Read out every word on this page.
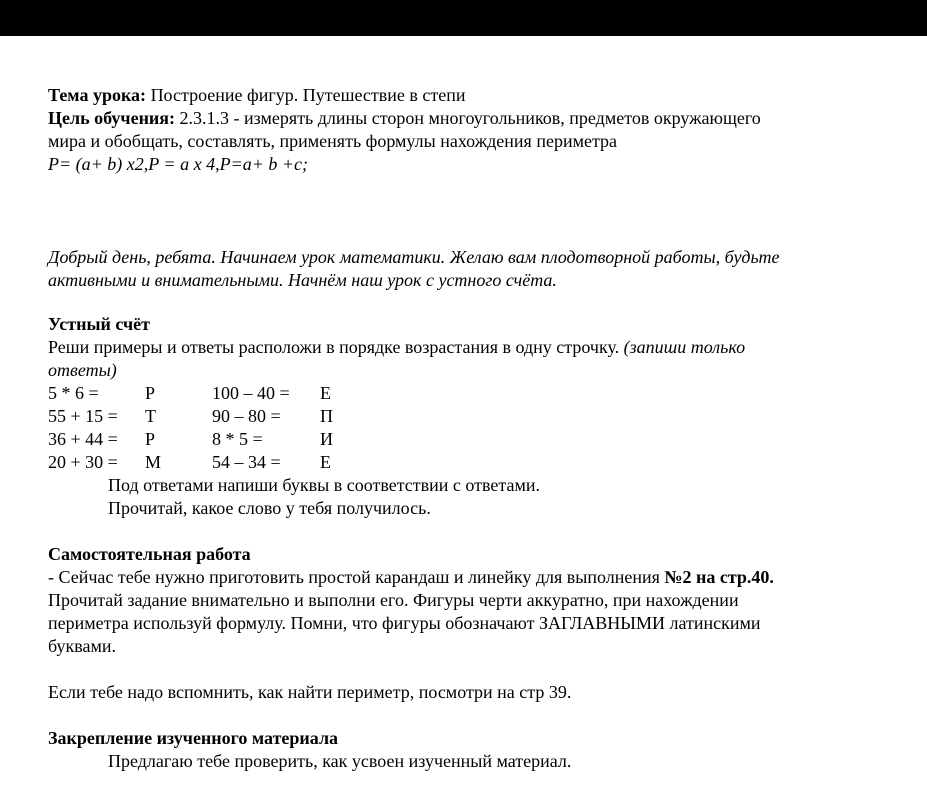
Тема урока: Построение фигур. Путешествие в степи
Цель обучения: 2.3.1.3 - измерять длины сторон многоугольников, предметов окружающего
мира и обобщать, составлять, применять формулы нахождения периметра
P= (a+ b) x2,P = a x 4,P=a+ b +c;
Добрый день, ребята. Начинаем урок математики. Желаю вам плодотворной работы, будьте
активными и внимательными. Начнём наш урок с устного счёта.
Устный счёт
Реши примеры и ответы расположи в порядке возрастания в одну строчку. (запиши только
ответы)
5 * 6 =	Р	100 – 40 = Е
55 + 15 = Т	90 – 80 = П
36 + 44 = Р	8 * 5 =	И
20 + 30 = М	54 – 34 = Е
Под ответами напиши буквы в соответствии с ответами.
Прочитай, какое слово у тебя получилось.
Самостоятельная работа
- Сейчас тебе нужно приготовить простой карандаш и линейку для выполнения №2 на стр.40.
Прочитай задание внимательно и выполни его. Фигуры черти аккуратно, при нахождении
периметра используй формулу. Помни, что фигуры обозначают ЗАГЛАВНЫМИ латинскими
буквами.
Если тебе надо вспомнить, как найти периметр, посмотри на стр 39.
Закрепление изученного материала
Предлагаю тебе проверить, как усвоен изученный материал.
